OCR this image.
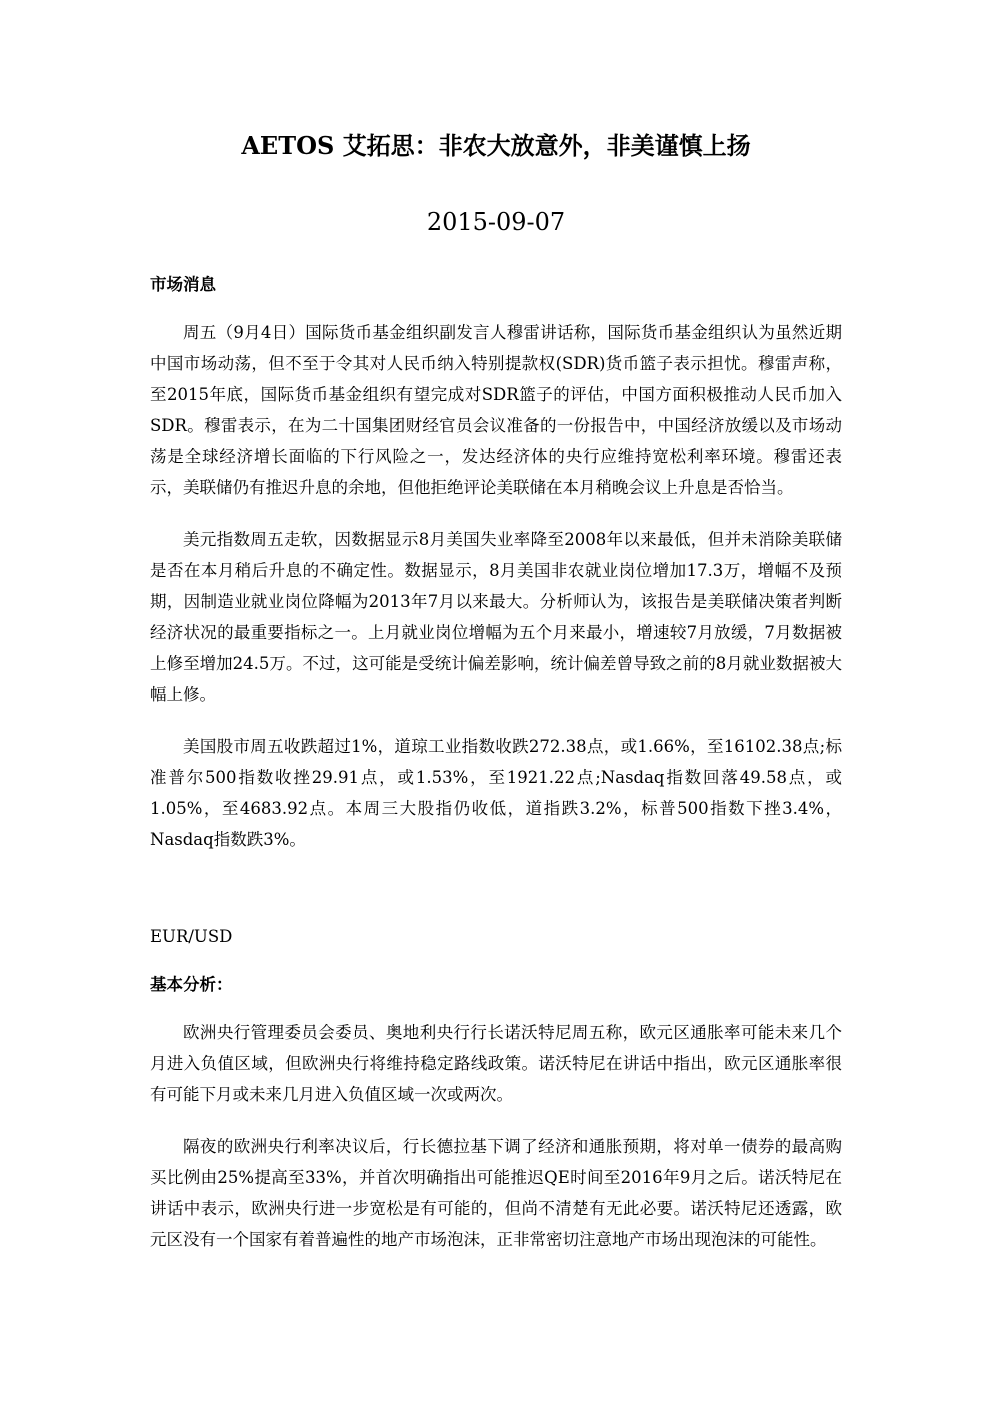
AETOS 艾拓思：非农大放意外，非美谨慎上扬
2015-09-07

市场消息

周五（9月4日）国际货币基金组织副发言人穆雷讲话称，国际货币基金组织认为虽然近期中国市场动荡，但不至于令其对人民币纳入特别提款权(SDR)货币篮子表示担忧。穆雷声称，至2015年底，国际货币基金组织有望完成对SDR篮子的评估，中国方面积极推动人民币加入SDR。穆雷表示，在为二十国集团财经官员会议准备的一份报告中，中国经济放缓以及市场动荡是全球经济增长面临的下行风险之一，发达经济体的央行应维持宽松利率环境。穆雷还表示，美联储仍有推迟升息的余地，但他拒绝评论美联储在本月稍晚会议上升息是否恰当。

美元指数周五走软，因数据显示8月美国失业率降至2008年以来最低，但并未消除美联储是否在本月稍后升息的不确定性。数据显示，8月美国非农就业岗位增加17.3万，增幅不及预期，因制造业就业岗位降幅为2013年7月以来最大。分析师认为，该报告是美联储决策者判断经济状况的最重要指标之一。上月就业岗位增幅为五个月来最小，增速较7月放缓，7月数据被上修至增加24.5万。不过，这可能是受统计偏差影响，统计偏差曾导致之前的8月就业数据被大幅上修。

美国股市周五收跌超过1%，道琼工业指数收跌272.38点，或1.66%，至16102.38点;标准普尔500指数收挫29.91点，或1.53%，至1921.22点;Nasdaq指数回落49.58点，或1.05%，至4683.92点。本周三大股指仍收低，道指跌3.2%，标普500指数下挫3.4%，Nasdaq指数跌3%。

EUR/USD

基本分析：

欧洲央行管理委员会委员、奥地利央行行长诺沃特尼周五称，欧元区通胀率可能未来几个月进入负值区域，但欧洲央行将维持稳定路线政策。诺沃特尼在讲话中指出，欧元区通胀率很有可能下月或未来几月进入负值区域一次或两次。

隔夜的欧洲央行利率决议后，行长德拉基下调了经济和通胀预期，将对单一债券的最高购买比例由25%提高至33%，并首次明确指出可能推迟QE时间至2016年9月之后。诺沃特尼在讲话中表示，欧洲央行进一步宽松是有可能的，但尚不清楚有无此必要。诺沃特尼还透露，欧元区没有一个国家有着普遍性的地产市场泡沫，正非常密切注意地产市场出现泡沫的可能性。
